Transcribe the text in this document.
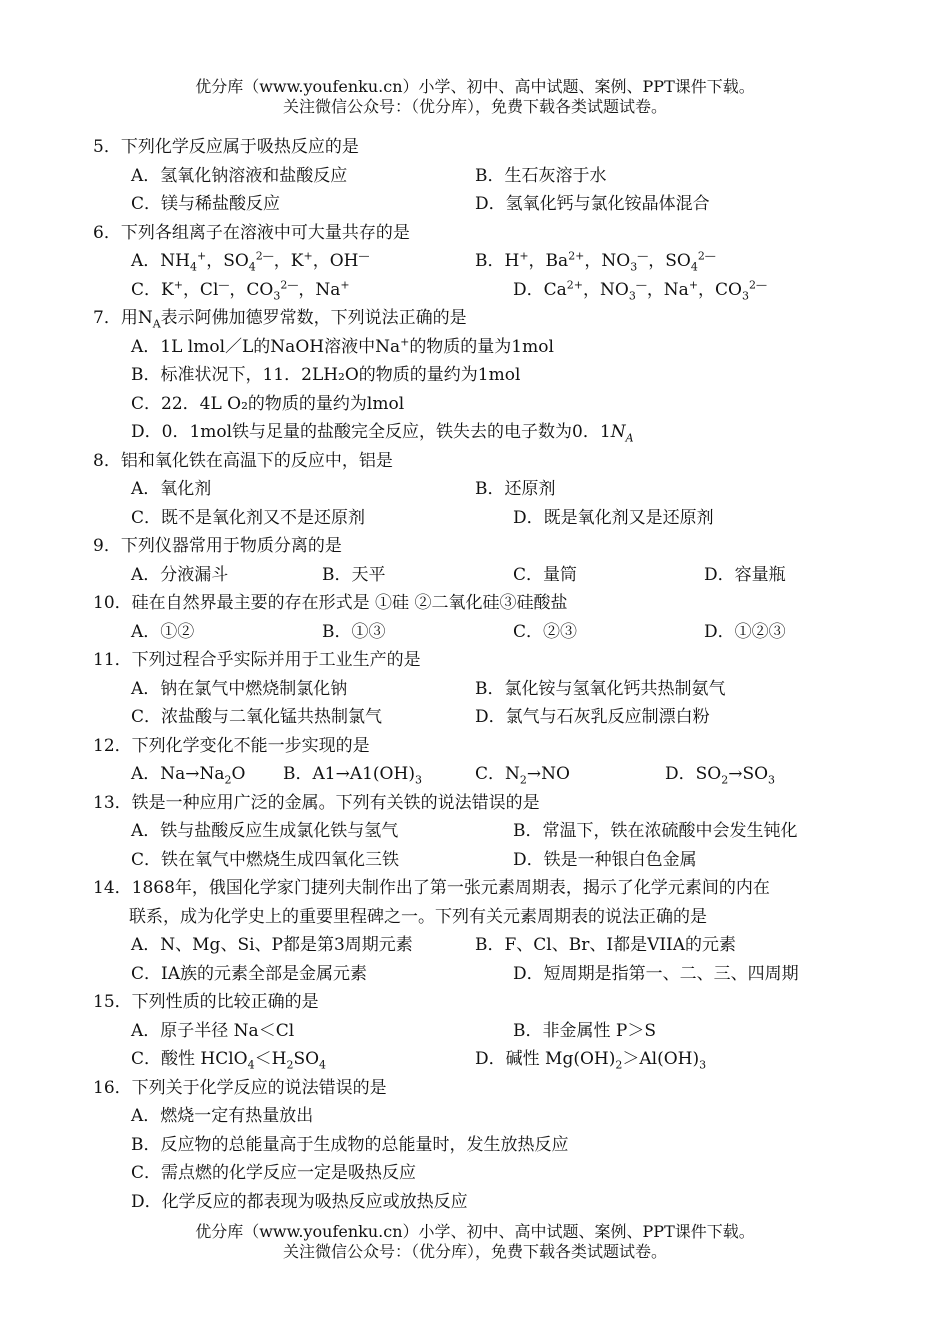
优分库（www.youfenku.cn）小学、初中、高中试题、案例、PPT课件下载。
关注微信公众号：（优分库），免费下载各类试题试卷。
5．下列化学反应属于吸热反应的是
A．氢氧化钠溶液和盐酸反应	B．生石灰溶于水
C．镁与稀盐酸反应	D．氢氧化钙与氯化铵晶体混合
6．下列各组离子在溶液中可大量共存的是
A．$NH_4^+$，$SO_4^{2—}$，K+，OH—	B．H+，$Ba^{2+}$，$NO_3^—$，$SO_4^{2—}$
C．K+，Cl—，$CO_3^{2—}$，Na+	D．$Ca^{2+}$，$NO_3^—$，Na+，$CO_3^{2—}$
7．用$N_A$表示阿佛加德罗常数，下列说法正确的是
A．1L lmol／L的NaOH溶液中Na+的物质的量为1mol
B．标准状况下，11．2LH₂O的物质的量约为1mol
C．22．4L O₂的物质的量约为lmol
D．0．1mol铁与足量的盐酸完全反应，铁失去的电子数为0．$1N_A$
8．铝和氧化铁在高温下的反应中，铝是
A．氧化剂	B．还原剂
C．既不是氧化剂又不是还原剂	D．既是氧化剂又是还原剂
9．下列仪器常用于物质分离的是
A．分液漏斗	B．天平	C．量筒	D．容量瓶
10．硅在自然界最主要的存在形式是 ①硅 ②二氧化硅③硅酸盐
A．①②	B．①③	C．②③	D．①②③
11．下列过程合乎实际并用于工业生产的是
A．钠在氯气中燃烧制氯化钠	B．氯化铵与氢氧化钙共热制氨气
C．浓盐酸与二氧化锰共热制氯气	D．氯气与石灰乳反应制漂白粉
12．下列化学变化不能一步实现的是
A．$Na\to Na_2O$ B．$A1\to A1(OH)_3$	C．$N_2\to NO$	D．$SO_2\to SO_3$
13．铁是一种应用广泛的金属。下列有关铁的说法错误的是
A．铁与盐酸反应生成氯化铁与氢气	B．常温下，铁在浓硫酸中会发生钝化
C．铁在氧气中燃烧生成四氧化三铁	D．铁是一种银白色金属
14．1868年，俄国化学家门捷列夫制作出了第一张元素周期表，揭示了化学元素间的内在
联系，成为化学史上的重要里程碑之一。下列有关元素周期表的说法正确的是
A．N、Mg、Si、P都是第3周期元素	B．F、Cl、Br、I都是VIIA的元素
C．IA族的元素全部是金属元素	D．短周期是指第一、二、三、四周期
15．下列性质的比较正确的是
A．原子半径 Na＜Cl	B．非金属性 P＞S
C．酸性 $HClO_4<H_2SO_4$	D．碱性 $Mg(OH)_2>Al(OH)_3$
16．下列关于化学反应的说法错误的是
A．燃烧一定有热量放出
B．反应物的总能量高于生成物的总能量时，发生放热反应
C．需点燃的化学反应一定是吸热反应
D．化学反应的都表现为吸热反应或放热反应
优分库（www.youfenku.cn）小学、初中、高中试题、案例、PPT课件下载。
关注微信公众号：（优分库），免费下载各类试题试卷。
